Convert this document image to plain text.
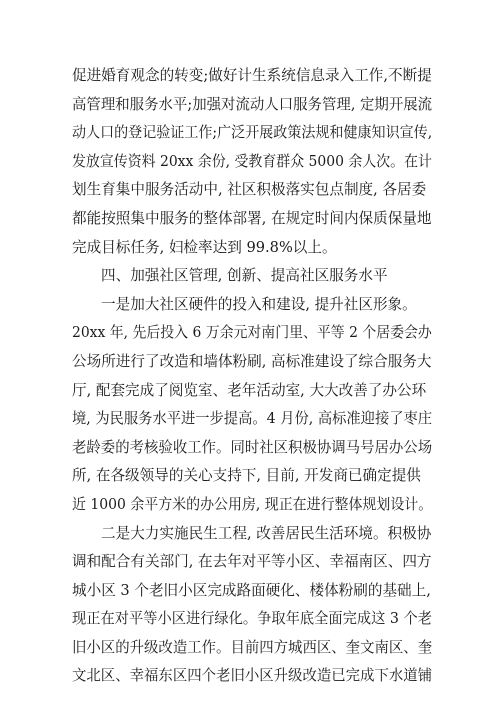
促进婚育观念的转变;做好计生系统信息录入工作,不断提
高管理和服务水平;加强对流动人口服务管理, 定期开展流
动人口的登记验证工作;广泛开展政策法规和健康知识宣传,
发放宣传资料 20xx 余份, 受教育群众 5000 余人次。在计
划生育集中服务活动中, 社区积极落实包点制度, 各居委
都能按照集中服务的整体部署, 在规定时间内保质保量地
完成目标任务, 妇检率达到 99.8%以上。
四、加强社区管理, 创新、提高社区服务水平
一是加大社区硬件的投入和建设, 提升社区形象。
20xx 年, 先后投入 6 万余元对南门里、平等 2 个居委会办
公场所进行了改造和墙体粉刷, 高标准建设了综合服务大
厅, 配套完成了阅览室、老年活动室, 大大改善了办公环
境, 为民服务水平进一步提高。4 月份, 高标准迎接了枣庄
老龄委的考核验收工作。同时社区积极协调马号居办公场
所, 在各级领导的关心支持下, 目前, 开发商已确定提供
近 1000 余平方米的办公用房, 现正在进行整体规划设计。
二是大力实施民生工程, 改善居民生活环境。积极协
调和配合有关部门, 在去年对平等小区、幸福南区、四方
城小区 3 个老旧小区完成路面硬化、楼体粉刷的基础上,
现正在对平等小区进行绿化。争取年底全面完成这 3 个老
旧小区的升级改造工作。目前四方城西区、奎文南区、奎
文北区、幸福东区四个老旧小区升级改造已完成下水道铺
